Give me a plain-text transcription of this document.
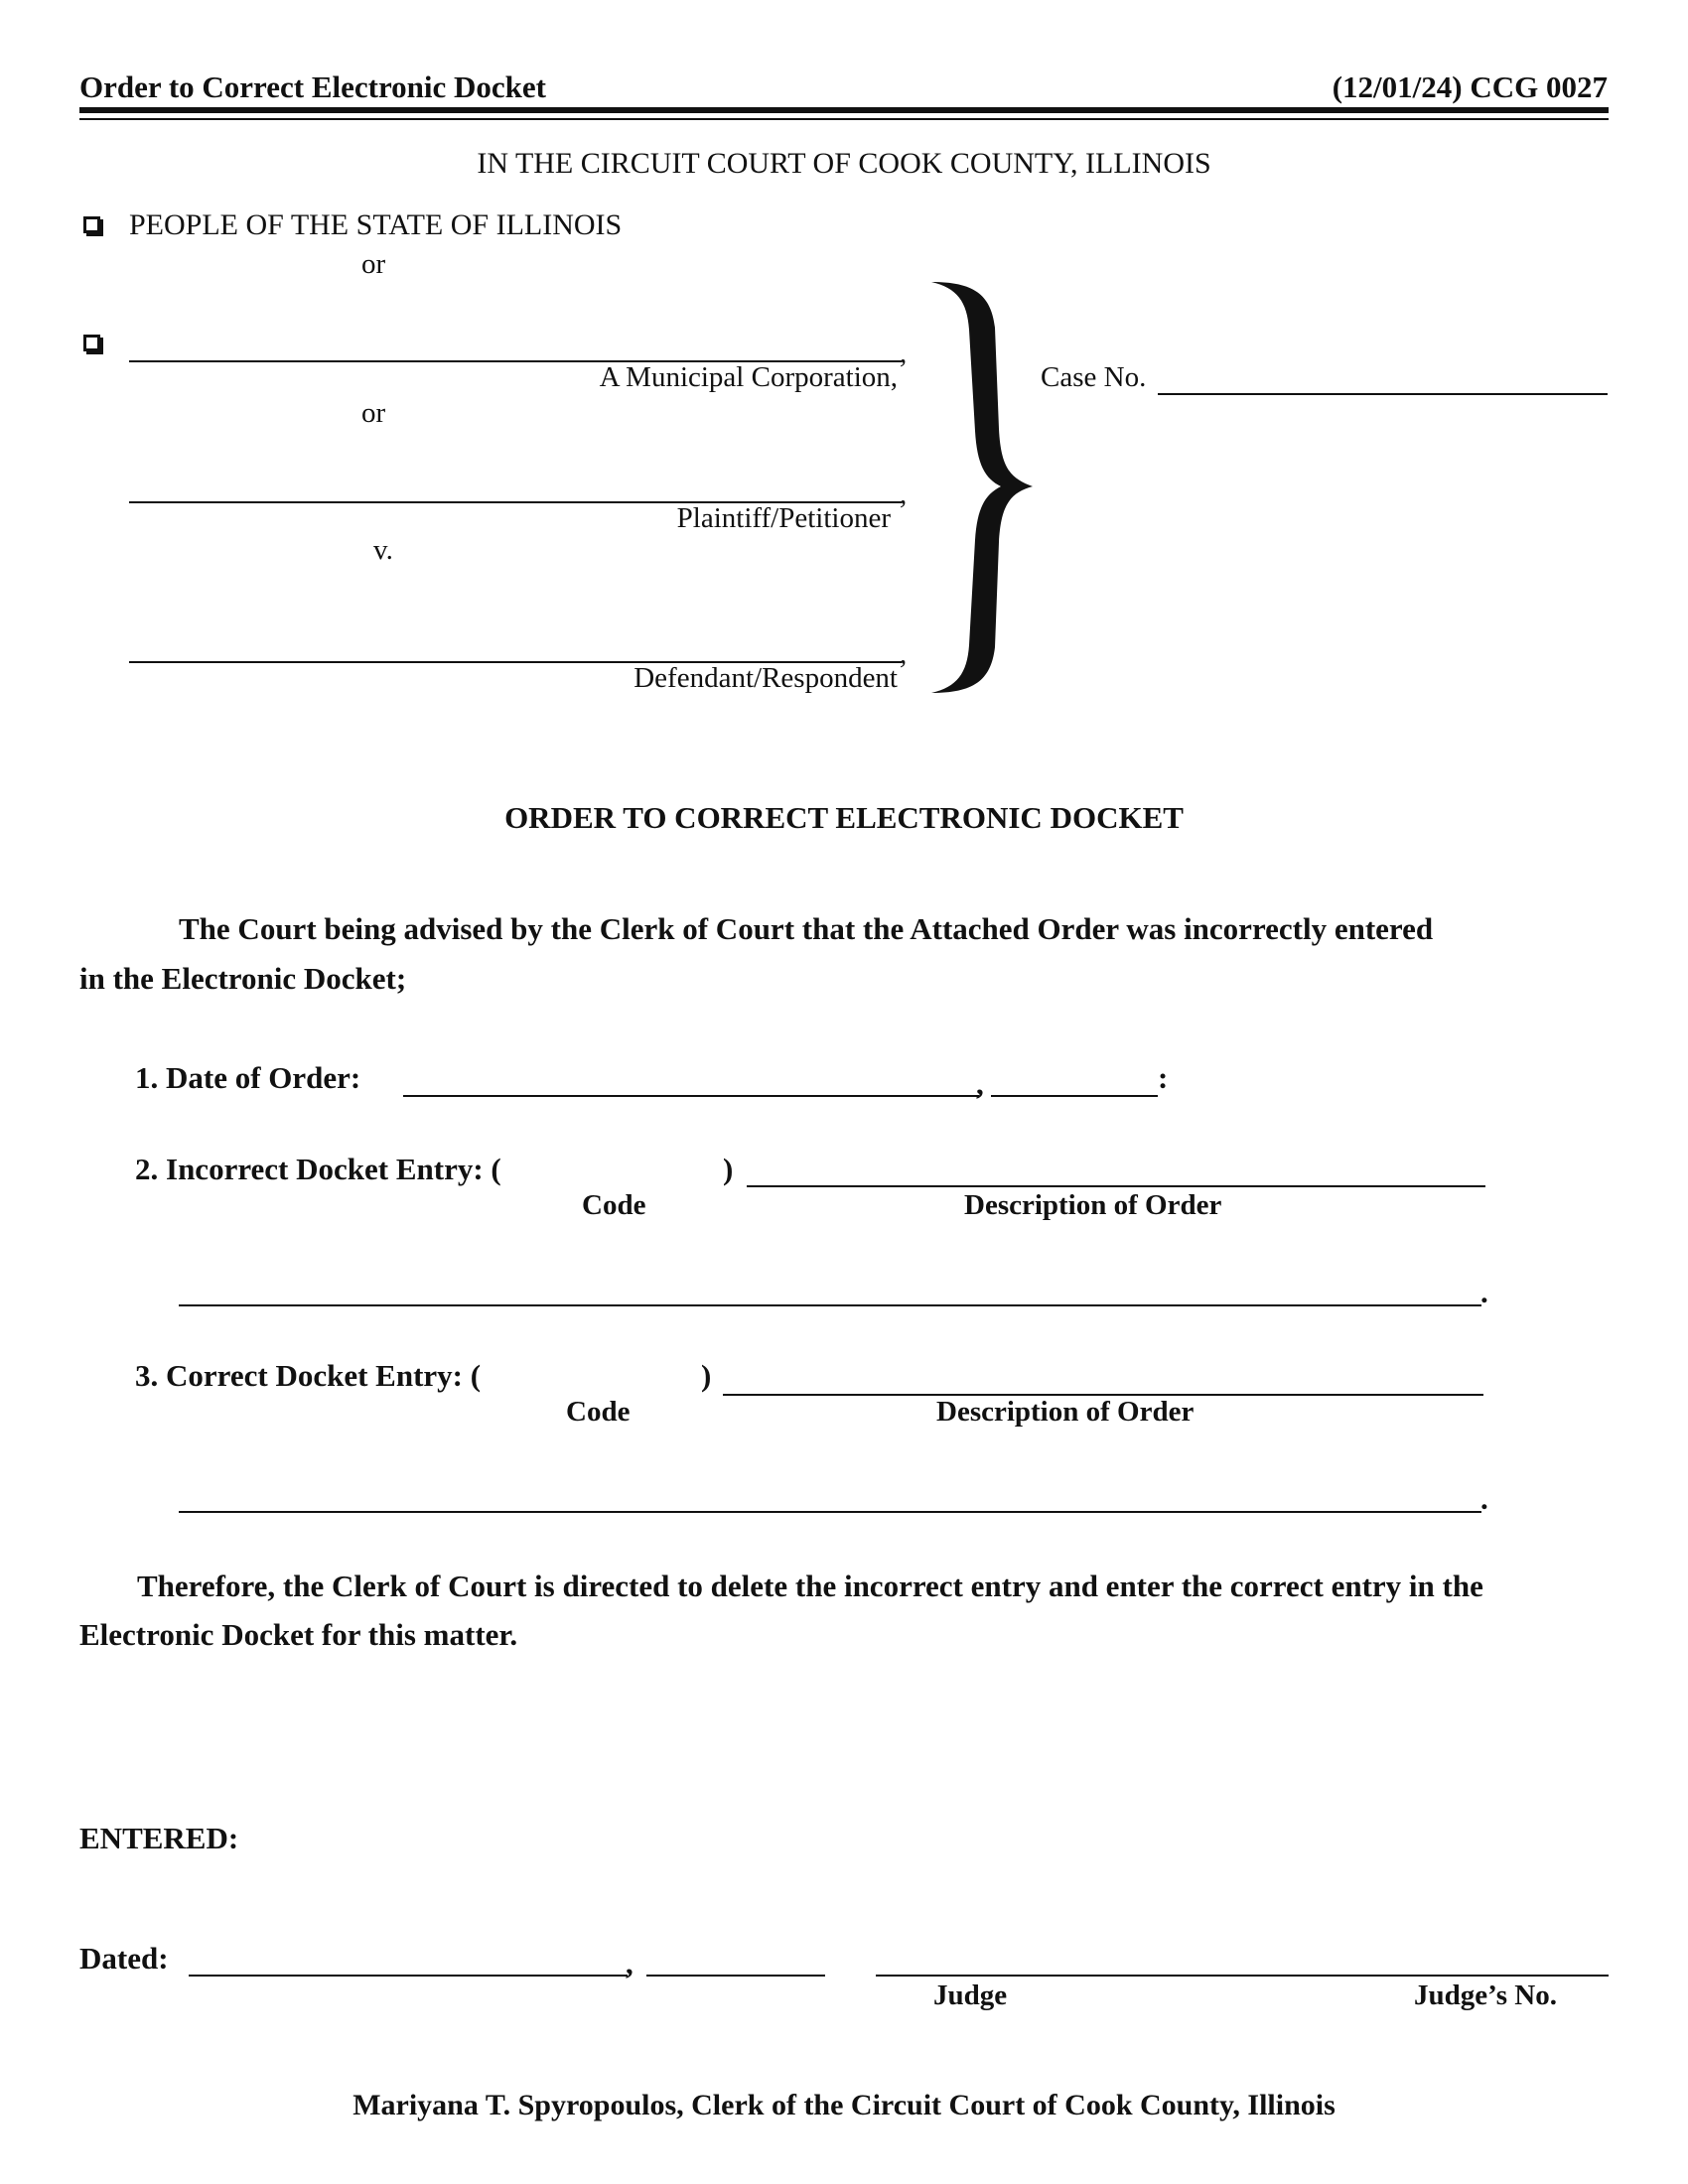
Order to Correct Electronic Docket	(12/01/24) CCG 0027
IN THE CIRCUIT COURT OF COOK COUNTY, ILLINOIS
PEOPLE OF THE STATE OF ILLINOIS
or
,
A Municipal Corporation,
or
,
Plaintiff/Petitioner
v.
,
Defendant/Respondent
Case No.
ORDER TO CORRECT ELECTRONIC DOCKET
The Court being advised by the Clerk of Court that the Attached Order was incorrectly entered
in the Electronic Docket;
1. Date of Order:	,	:
2. Incorrect Docket Entry: (	)
Code	Description of Order
.
3. Correct Docket Entry: (	)
Code	Description of Order
.
Therefore, the Clerk of Court is directed to delete the incorrect entry and enter the correct entry in the
Electronic Docket for this matter.
ENTERED:
Dated:	,
Judge	Judge’s No.
Mariyana T. Spyropoulos, Clerk of the Circuit Court of Cook County, Illinois
